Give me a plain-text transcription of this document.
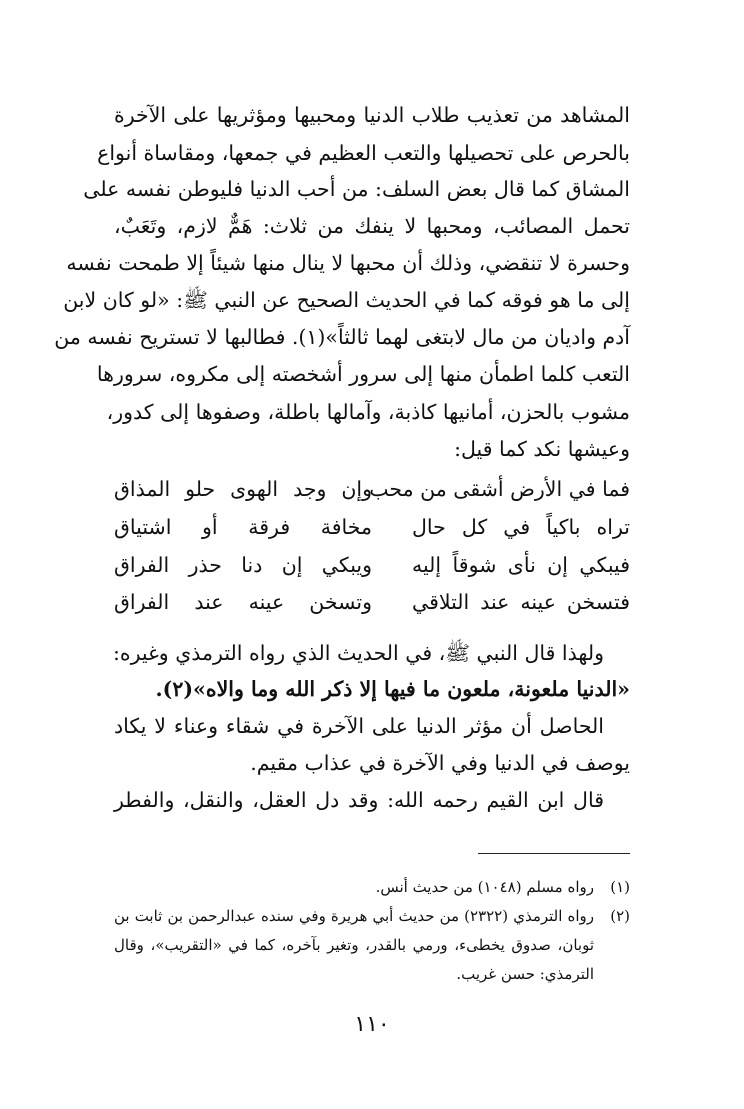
المشاهد من تعذيب طلاب الدنيا ومحبيها ومؤثريها على الآخرة
بالحرص على تحصيلها والتعب العظيم في جمعها، ومقاساة أنواع
المشاق كما قال بعض السلف: من أحب الدنيا فليوطن نفسه على
تحمل المصائب، ومحبها لا ينفك من ثلاث: هَمٌّ لازم، وتَعَبٌ،
وحسرة لا تنقضي، وذلك أن محبها لا ينال منها شيئاً إلا طمحت نفسه
إلى ما هو فوقه كما في الحديث الصحيح عن النبي ﷺ: «لو كان لابن
آدم واديان من مال لابتغى لهما ثالثاً»(١). فطالبها لا تستريح نفسه من
التعب كلما اطمأن منها إلى سرور أشخصته إلى مكروه، سرورها
مشوب بالحزن، أمانيها كاذبة، وآمالها باطلة، وصفوها إلى كدور،
وعيشها نكد كما قيل:
فما في الأرض أشقى من محب
وإن وجد الهوى حلو المذاق
تراه باكياً في كل حال
مخافة فرقة أو اشتياق
فيبكي إن نأى شوقاً إليه
ويبكي إن دنا حذر الفراق
فتسخن عينه عند التلاقي
وتسخن عينه عند الفراق
ولهذا قال النبي ﷺ، في الحديث الذي رواه الترمذي وغيره:
«الدنيا ملعونة، ملعون ما فيها إلا ذكر الله وما والاه»(٢).
الحاصل أن مؤثر الدنيا على الآخرة في شقاء وعناء لا يكاد
يوصف في الدنيا وفي الآخرة في عذاب مقيم.
قال ابن القيم رحمه الله: وقد دل العقل، والنقل، والفطر
(١)رواه مسلم (١٠٤٨) من حديث أنس.
(٢)
رواه الترمذي (٢٣٢٢) من حديث أبي هريرة وفي سنده عبدالرحمن بن ثابت بن
ثوبان، صدوق يخطىء، ورمي بالقدر، وتغير بآخره، كما في «التقريب»، وقال
الترمذي: حسن غريب.
١١٠
